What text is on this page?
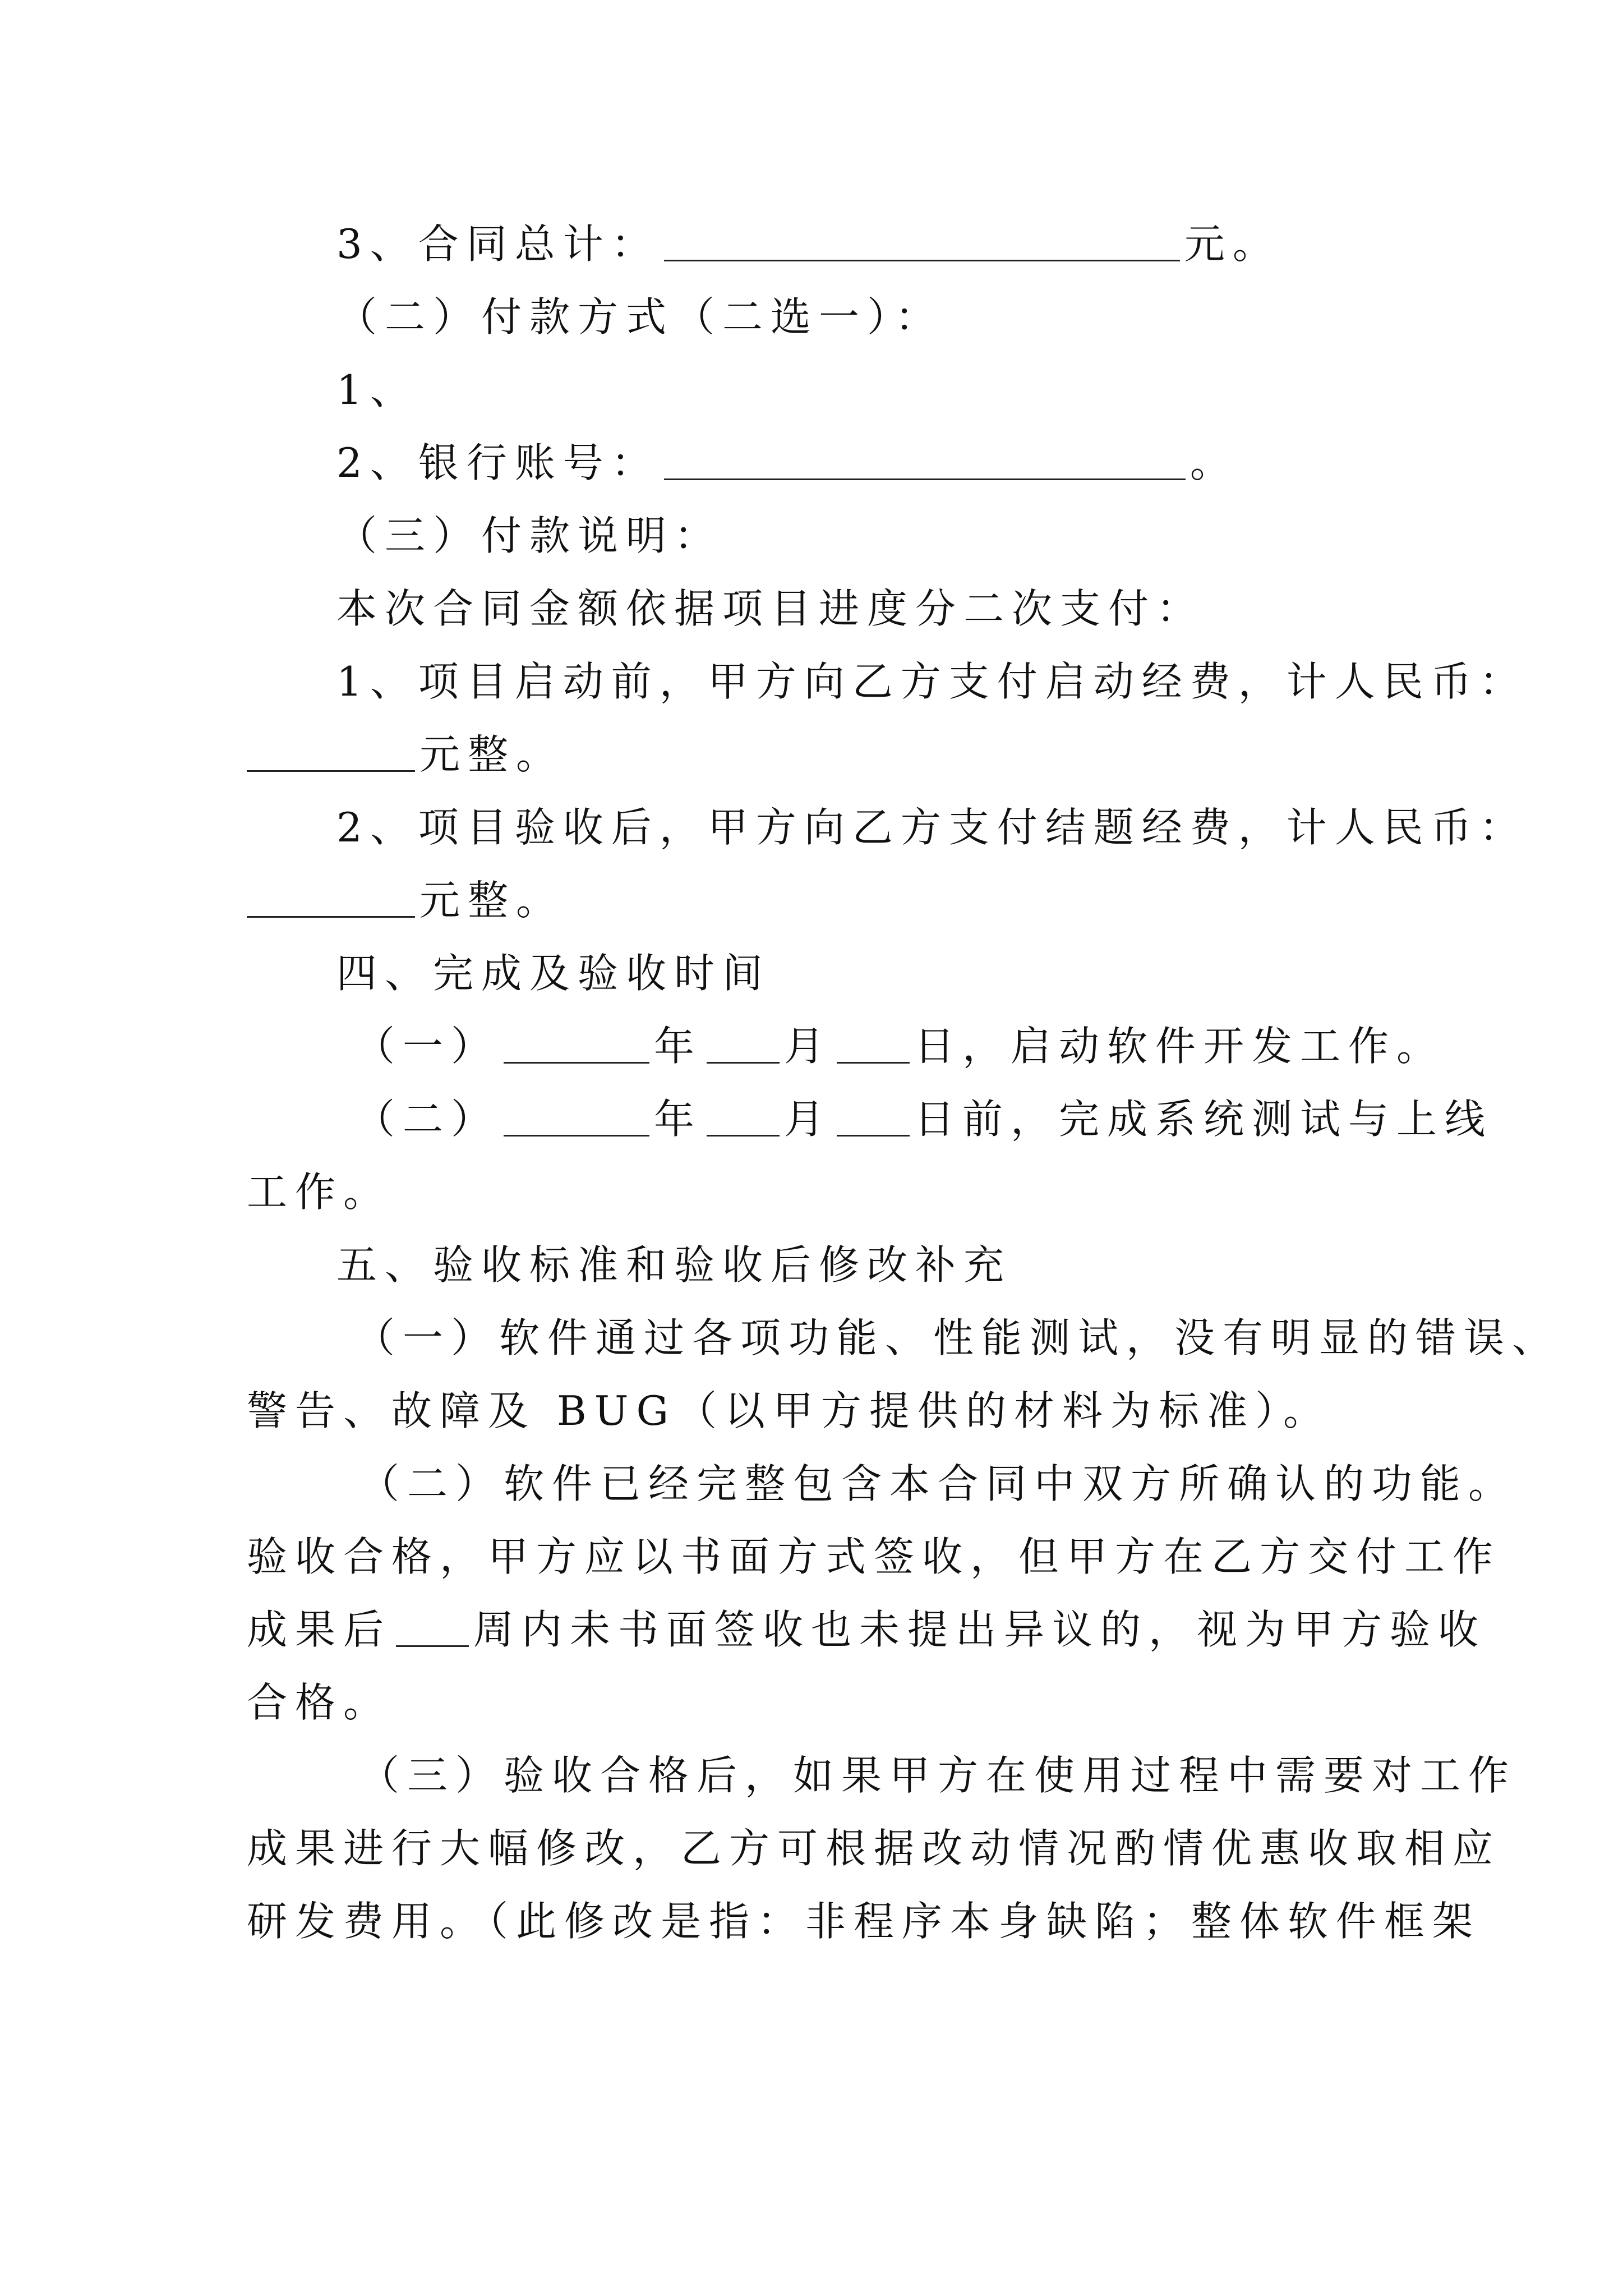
3、合同总计：	元。
（二）付款方式（二选一）：
1、
2、银行账号：	。
（三）付款说明：
本次合同金额依据项目进度分二次支付：
1、项目启动前，甲方向乙方支付启动经费，计人民币：
元整。
2、项目验收后，甲方向乙方支付结题经费，计人民币：
元整。
四、完成及验收时间
（一）	年 月 日，启动软件开发工作。
（二）	年 月 日前，完成系统测试与上线
工作。
五、验收标准和验收后修改补充
（一）软件通过各项功能、性能测试，没有明显的错误、
警告、故障及 BUG（以甲方提供的材料为标准）。
（二）软件已经完整包含本合同中双方所确认的功能。
验收合格，甲方应以书面方式签收，但甲方在乙方交付工作
成果后 周内未书面签收也未提出异议的，视为甲方验收
合格。
（三）验收合格后，如果甲方在使用过程中需要对工作
成果进行大幅修改，乙方可根据改动情况酌情优惠收取相应
研发费用。（此修改是指：非程序本身缺陷；整体软件框架
